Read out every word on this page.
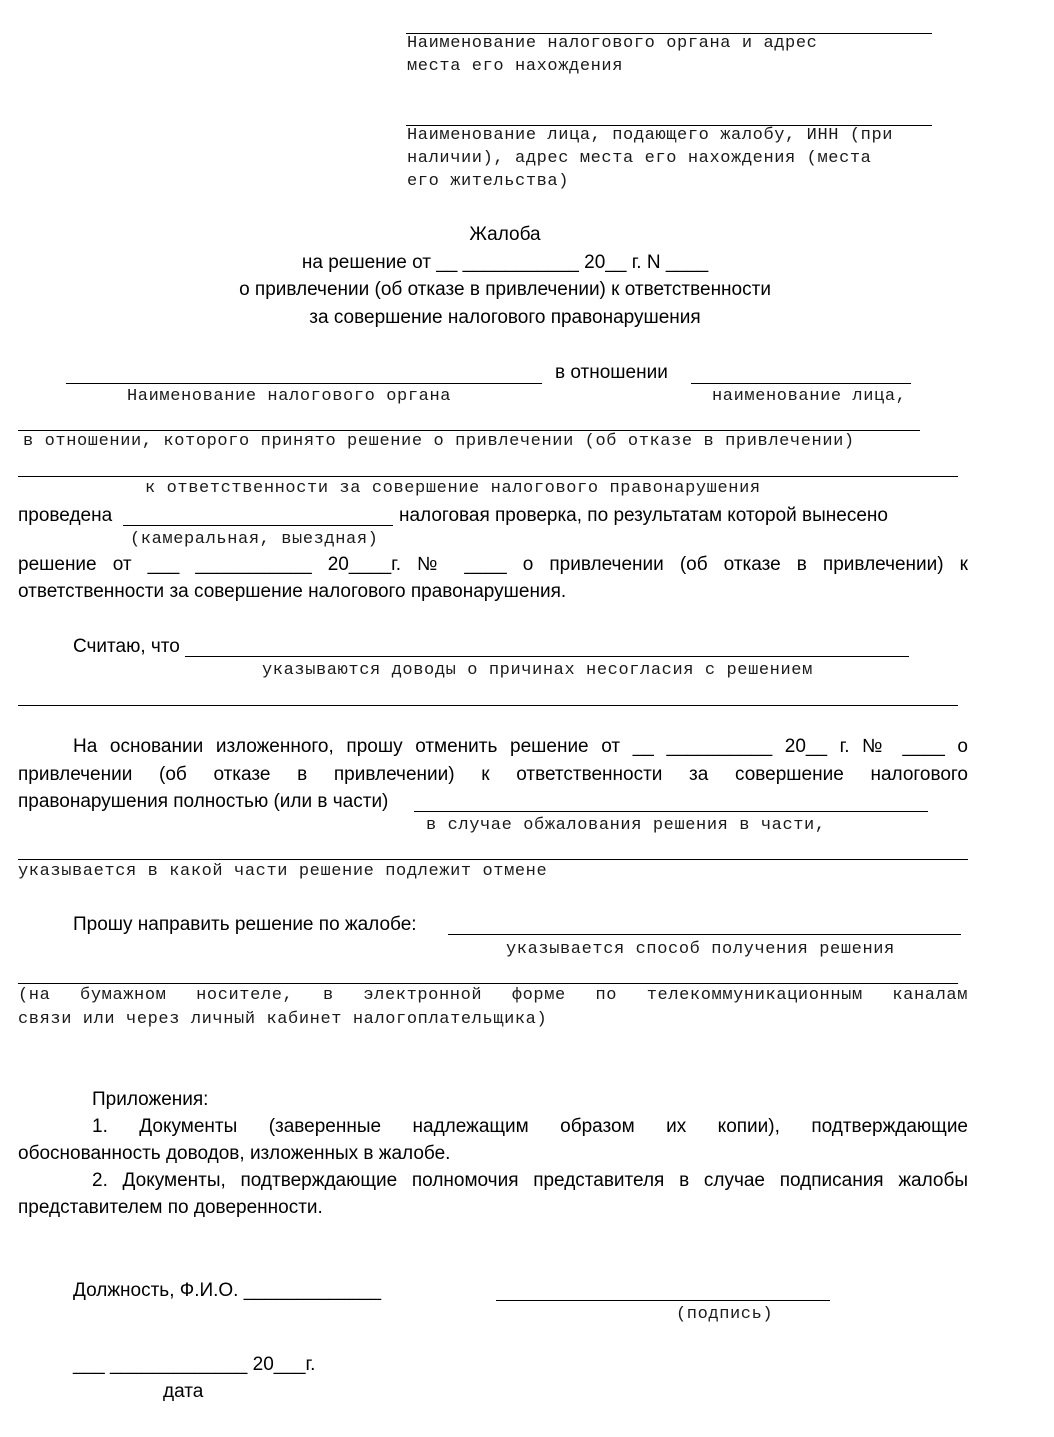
Наименование налогового органа и адрес
места его нахождения
Наименование лица, подающего жалобу, ИНН (при
наличии), адрес места его нахождения (места
его жительства)
Жалоба
на решение от __ ___________ 20__ г. N ____
о привлечении (об отказе в привлечении) к ответственности
за совершение налогового правонарушения
в отношении
Наименование налогового органа	наименование лица,
в отношении, которого принято решение о привлечении (об отказе в привлечении)
к ответственности за совершение налогового правонарушения
проведена	налоговая проверка, по результатам которой вынесено
(камеральная, выездная)
решение от ___ ___________ 20____г. № ____ о привлечении (об отказе в привлечении) к
ответственности за совершение налогового правонарушения.
Считаю, что
указываются доводы о причинах несогласия с решением
На основании изложенного, прошу отменить решение от __ __________ 20__ г. № ____ о
привлечении (об отказе в привлечении) к ответственности за совершение налогового
правонарушения полностью (или в части)
в случае обжалования решения в части,
указывается в какой части решение подлежит отмене
Прошу направить решение по жалобе:
указывается способ получения решения
(на бумажном носителе, в электронной форме по телекоммуникационным каналам
связи или через личный кабинет налогоплательщика)
Приложения:
1. Документы (заверенные надлежащим образом их копии), подтверждающие
обоснованность доводов, изложенных в жалобе.
2. Документы, подтверждающие полномочия представителя в случае подписания жалобы
представителем по доверенности.
Должность, Ф.И.О. _____________
(подпись)
___ _____________ 20___г.
дата
